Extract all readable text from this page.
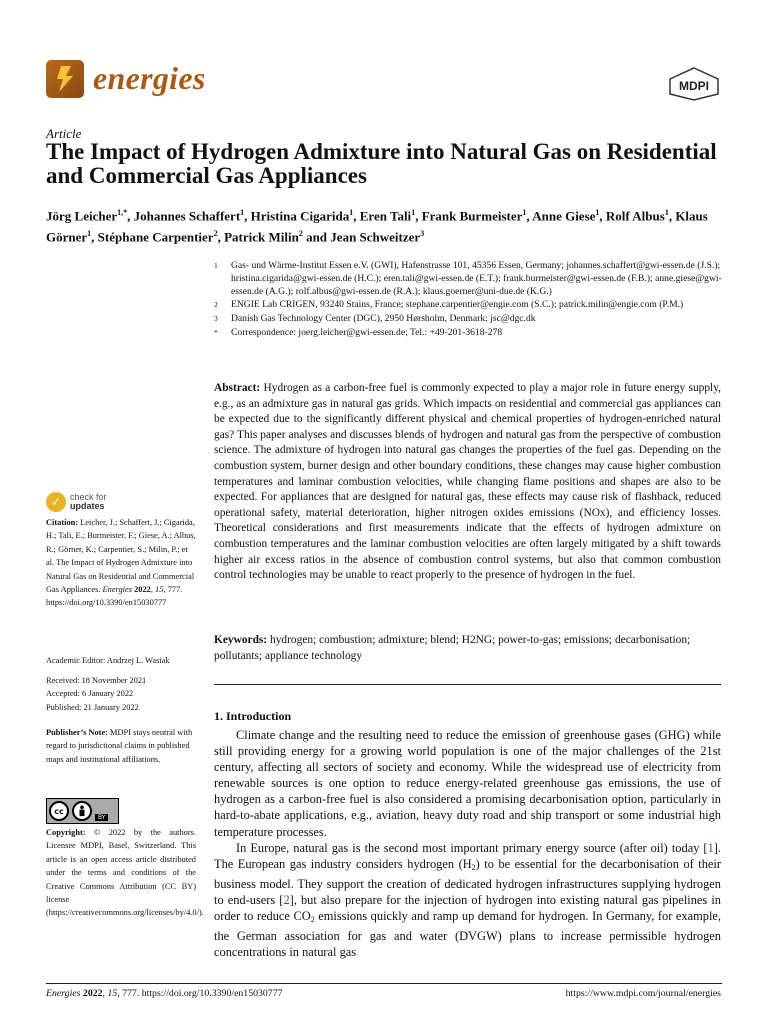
energies	MDPI
Article
The Impact of Hydrogen Admixture into Natural Gas on Residential and Commercial Gas Appliances
Jörg Leicher$^{1,*}$, Johannes Schaffert$^1$, Hristina Cigarida$^1$, Eren Tali$^1$, Frank Burmeister$^1$, Anne Giese$^1$, Rolf Albus$^1$, Klaus Görner$^1$, Stéphane Carpentier$^2$, Patrick Milin$^2$ and Jean Schweitzer$^3$
1	Gas- und Wärme-Institut Essen e.V. (GWI), Hafenstrasse 101, 45356 Essen, Germany; johannes.schaffert@gwi-essen.de (J.S.); hristina.cigarida@gwi-essen.de (H.C.); eren.tali@gwi-essen.de (E.T.); frank.burmeister@gwi-essen.de (F.B.); anne.giese@gwi-essen.de (A.G.); rolf.albus@gwi-essen.de (R.A.); klaus.goerner@uni-due.de (K.G.)
2	ENGIE Lab CRIGEN, 93240 Stains, France; stephane.carpentier@engie.com (S.C.); patrick.milin@engie.com (P.M.)
3	Danish Gas Technology Center (DGC), 2950 Hørsholm, Denmark; jsc@dgc.dk
*	Correspondence: joerg.leicher@gwi-essen.de; Tel.: +49-201-3618-278
Abstract: Hydrogen as a carbon-free fuel is commonly expected to play a major role in future energy supply, e.g., as an admixture gas in natural gas grids. Which impacts on residential and commercial gas appliances can be expected due to the significantly different physical and chemical properties of hydrogen-enriched natural gas? This paper analyses and discusses blends of hydrogen and natural gas from the perspective of combustion science. The admixture of hydrogen into natural gas changes the properties of the fuel gas. Depending on the combustion system, burner design and other boundary conditions, these changes may cause higher combustion temperatures and laminar combustion velocities, while changing flame positions and shapes are also to be expected. For appliances that are designed for natural gas, these effects may cause risk of flashback, reduced operational safety, material deterioration, higher nitrogen oxides emissions (NOx), and efficiency losses. Theoretical considerations and first measurements indicate that the effects of hydrogen admixture on combustion temperatures and the laminar combustion velocities are often largely mitigated by a shift towards higher air excess ratios in the absence of combustion control systems, but also that common combustion control technologies may be unable to react properly to the presence of hydrogen in the fuel.
Keywords: hydrogen; combustion; admixture; blend; H2NG; power-to-gas; emissions; decarbonisation; pollutants; appliance technology
✓ check for
updates
Citation: Leicher, J.; Schaffert, J.; Cigarida, H.; Tali, E.; Burmeister, F.; Giese, A.; Albus, R.; Görner, K.; Carpentier, S.; Milin, P.; et al. The Impact of Hydrogen Admixture into Natural Gas on Residential and Commercial Gas Appliances. Energies 2022, 15, 777. https://doi.org/10.3390/en15030777
Academic Editor: Andrzej L. Wasiak
Received: 18 November 2021
Accepted: 6 January 2022
Published: 21 January 2022
Publisher’s Note: MDPI stays neutral with regard to jurisdictional claims in published maps and institutional affiliations.
cc
BY
Copyright: © 2022 by the authors. Licensee MDPI, Basel, Switzerland. This article is an open access article distributed under the terms and conditions of the Creative Commons Attribution (CC BY) license (https://creativecommons.org/licenses/by/4.0/).
1. Introduction

Climate change and the resulting need to reduce the emission of greenhouse gases (GHG) while still providing energy for a growing world population is one of the major challenges of the 21st century, affecting all sectors of society and economy. While the widespread use of electricity from renewable sources is one option to reduce energy-related greenhouse gas emissions, the use of hydrogen as a carbon-free fuel is also considered a promising decarbonisation option, particularly in hard-to-abate applications, e.g., aviation, heavy duty road and ship transport or some industrial high temperature processes.

In Europe, natural gas is the second most important primary energy source (after oil) today [1]. The European gas industry considers hydrogen $(H_2)$ to be essential for the decarbonisation of their business model. They support the creation of dedicated hydrogen infrastructures supplying hydrogen to end-users [2], but also prepare for the injection of hydrogen into existing natural gas pipelines in order to reduce $CO_2$ emissions quickly and ramp up demand for hydrogen. In Germany, for example, the German association for gas and water (DVGW) plans to increase permissible hydrogen concentrations in natural gas

Energies 2022, 15, 777. https://doi.org/10.3390/en15030777	https://www.mdpi.com/journal/energies
